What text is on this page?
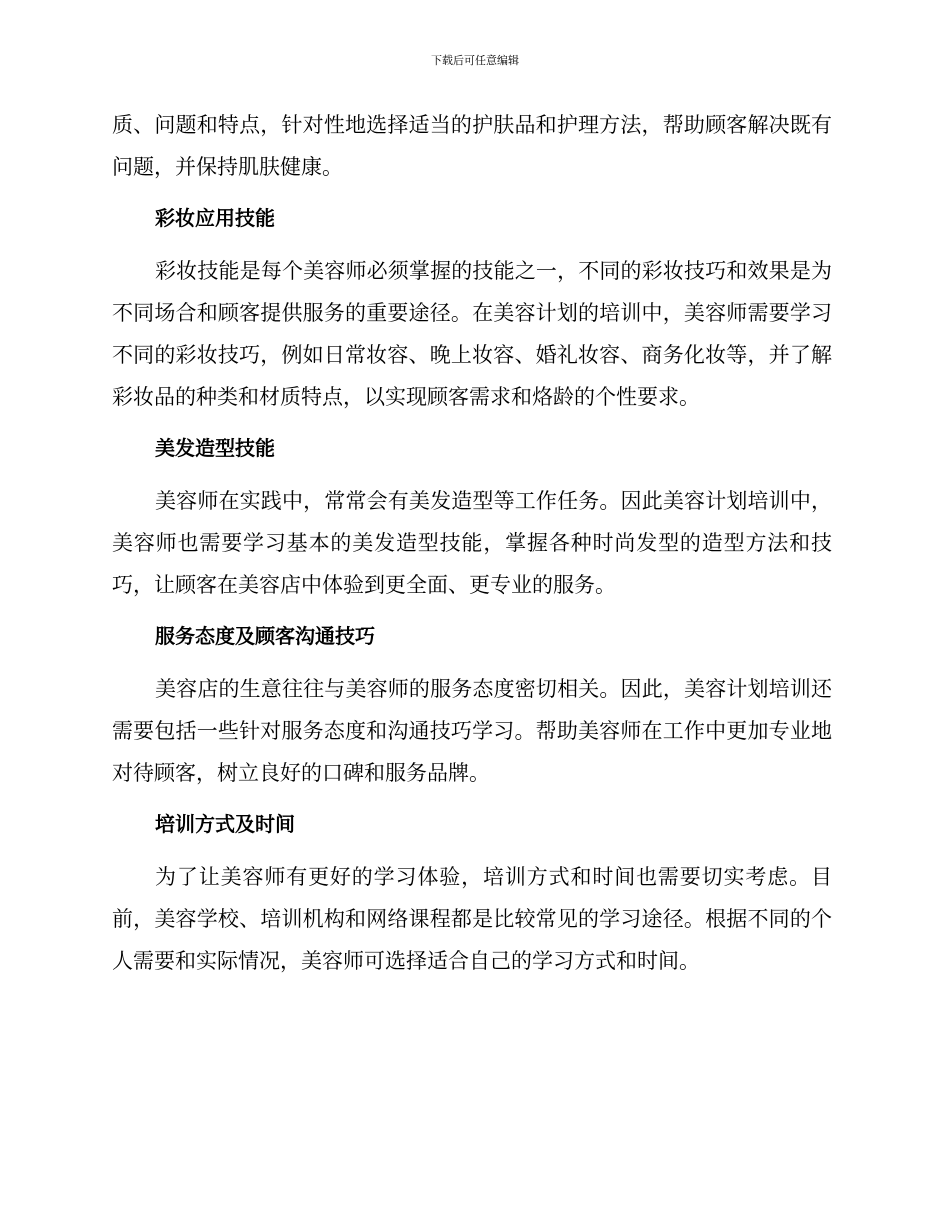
下载后可任意编辑

质、问题和特点，针对性地选择适当的护肤品和护理方法，帮助顾客解决既有问题，并保持肌肤健康。

彩妆应用技能

彩妆技能是每个美容师必须掌握的技能之一，不同的彩妆技巧和效果是为不同场合和顾客提供服务的重要途径。在美容计划的培训中，美容师需要学习不同的彩妆技巧，例如日常妆容、晚上妆容、婚礼妆容、商务化妆等，并了解彩妆品的种类和材质特点，以实现顾客需求和烙龄的个性要求。

美发造型技能

美容师在实践中，常常会有美发造型等工作任务。因此美容计划培训中，美容师也需要学习基本的美发造型技能，掌握各种时尚发型的造型方法和技巧，让顾客在美容店中体验到更全面、更专业的服务。

服务态度及顾客沟通技巧

美容店的生意往往与美容师的服务态度密切相关。因此，美容计划培训还需要包括一些针对服务态度和沟通技巧学习。帮助美容师在工作中更加专业地对待顾客，树立良好的口碑和服务品牌。

培训方式及时间

为了让美容师有更好的学习体验，培训方式和时间也需要切实考虑。目前，美容学校、培训机构和网络课程都是比较常见的学习途径。根据不同的个人需要和实际情况，美容师可选择适合自己的学习方式和时间。
